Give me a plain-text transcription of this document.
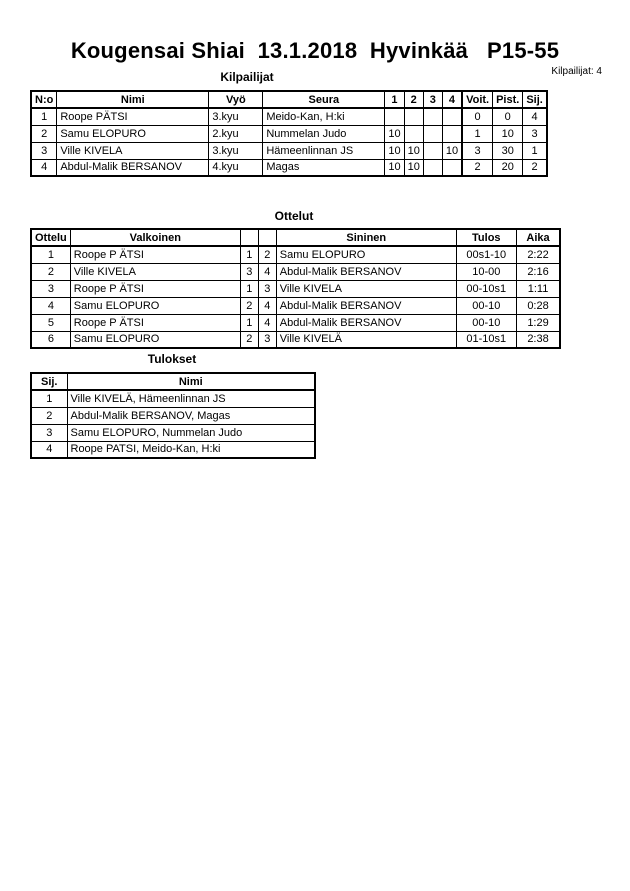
Kougensai Shiai  13.1.2018  Hyvinkää   P15-55
Kilpailijat: 4
Kilpailijat
N:o	Nimi	Vyö	Seura	1	2	3	4	Voit.	Pist.	Sij.
1	Roope PÄTSI	3.kyu	Meido-Kan, H:ki					0	0	4
2	Samu ELOPURO	2.kyu	Nummelan Judo	10				1	10	3
3	Ville KIVELA	3.kyu	Hämeenlinnan JS	10	10		10	3	30	1
4	Abdul-Malik BERSANOV	4.kyu	Magas	10	10			2	20	2
Ottelut
Ottelu	Valkoinen			Sininen	Tulos	Aika
1	Roope P ÄTSI	1	2	Samu ELOPURO	00s1-10	2:22
2	Ville KIVELA	3	4	Abdul-Malik BERSANOV	10-00	2:16
3	Roope P ÄTSI	1	3	Ville KIVELA	00-10s1	1:11
4	Samu ELOPURO	2	4	Abdul-Malik BERSANOV	00-10	0:28
5	Roope P ÄTSI	1	4	Abdul-Malik BERSANOV	00-10	1:29
6	Samu ELOPURO	2	3	Ville KIVELÄ	01-10s1	2:38
Tulokset
Sij.	Nimi
1	Ville KIVELÄ, Hämeenlinnan JS
2	Abdul-Malik BERSANOV, Magas
3	Samu ELOPURO, Nummelan Judo
4	Roope PATSI, Meido-Kan, H:ki
